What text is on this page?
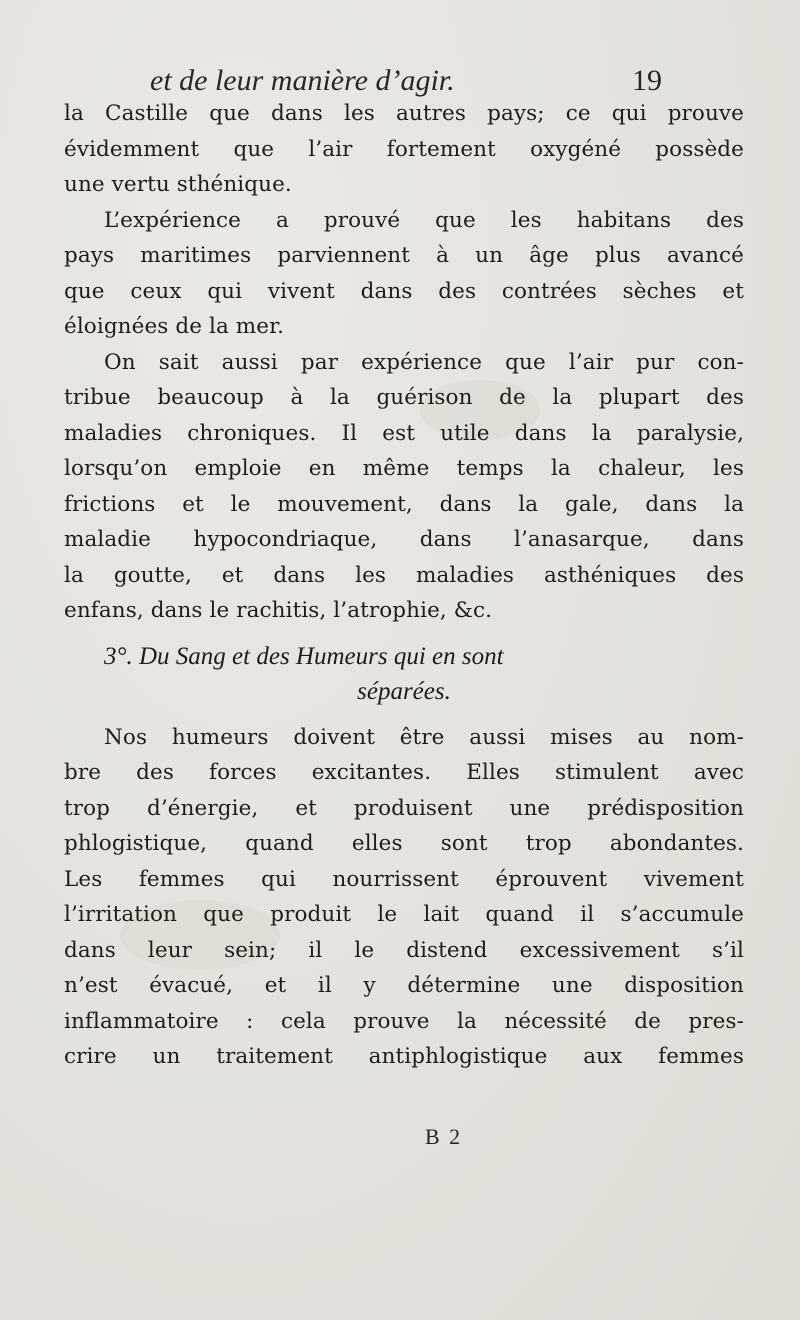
et de leur manière d’agir.	19
la Castille que dans les autres pays; ce qui prouve
évidemment que l’air fortement oxygéné possède
une vertu sthénique.
L’expérience a prouvé que les habitans des
pays maritimes parviennent à un âge plus avancé
que ceux qui vivent dans des contrées sèches et
éloignées de la mer.
On sait aussi par expérience que l’air pur con-
tribue beaucoup à la guérison de la plupart des
maladies chroniques. Il est utile dans la paralysie,
lorsqu’on emploie en même temps la chaleur, les
frictions et le mouvement, dans la gale, dans la
maladie hypocondriaque, dans l’anasarque, dans
la goutte, et dans les maladies asthéniques des
enfans, dans le rachitis, l’atrophie, &c.
3°. Du Sang et des Humeurs qui en sont
séparées.
Nos humeurs doivent être aussi mises au nom-
bre des forces excitantes. Elles stimulent avec
trop d’énergie, et produisent une prédisposition
phlogistique, quand elles sont trop abondantes.
Les femmes qui nourrissent éprouvent vivement
l’irritation que produit le lait quand il s’accumule
dans leur sein; il le distend excessivement s’il
n’est évacué, et il y détermine une disposition
inflammatoire : cela prouve la nécessité de pres-
crire un traitement antiphlogistique aux femmes
B 2
